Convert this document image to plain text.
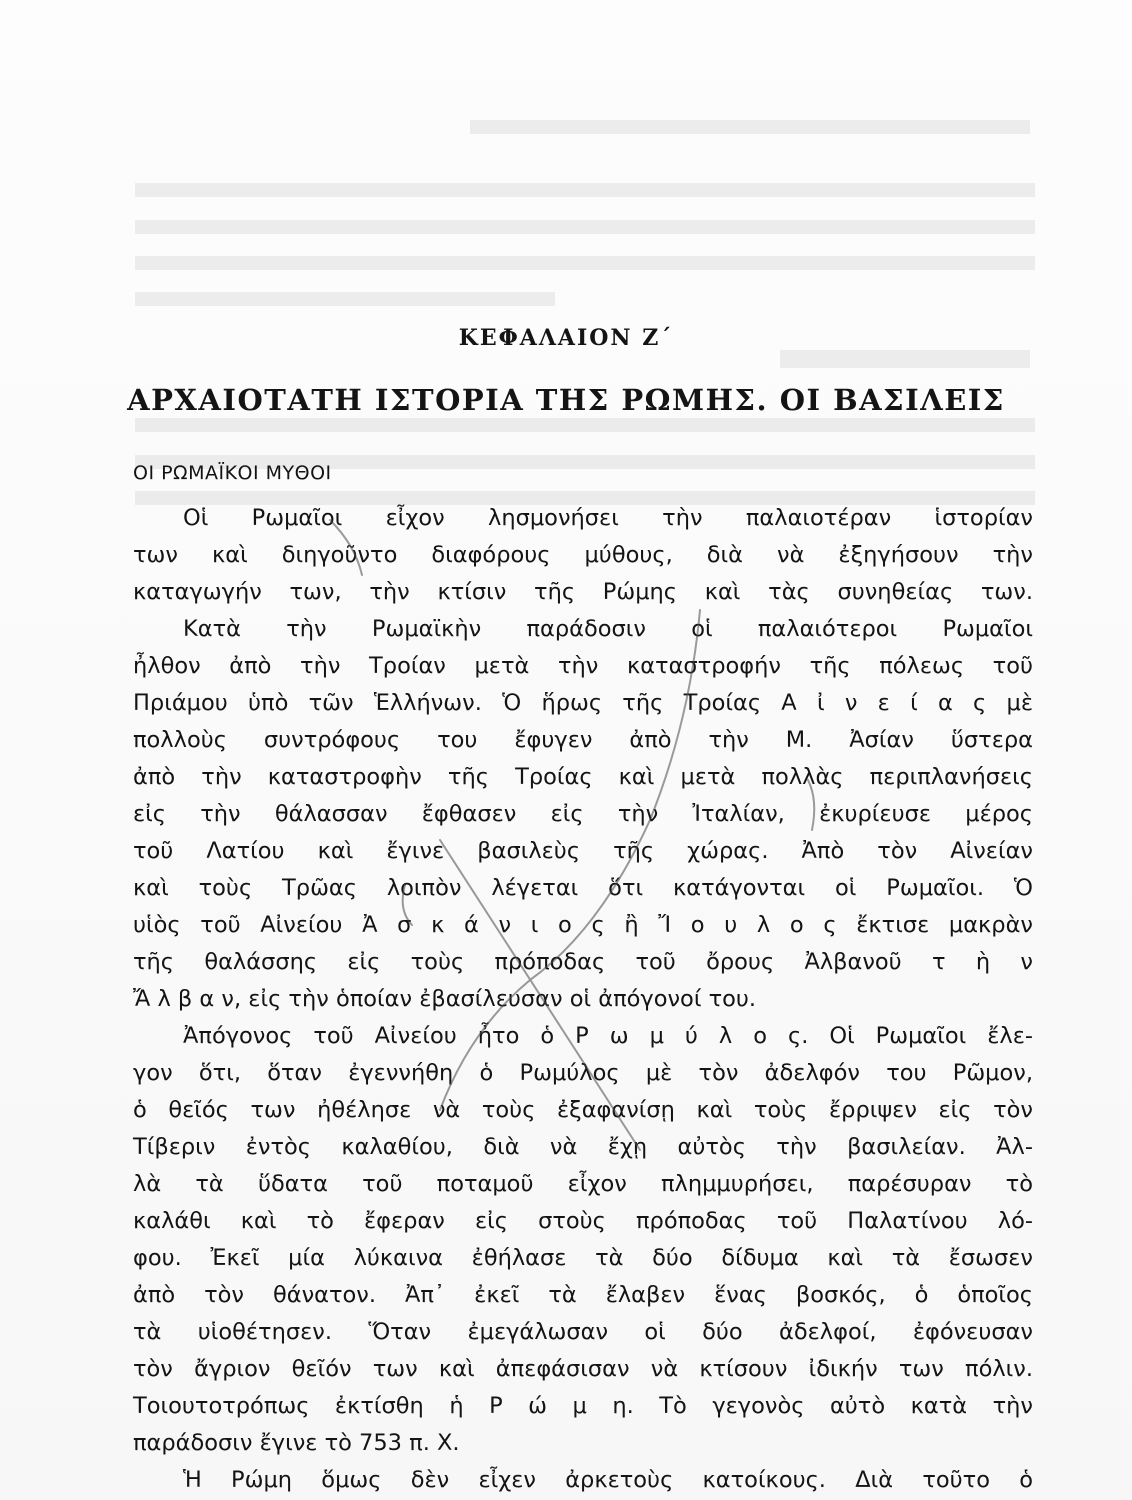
ΚΕΦΑΛΑΙΟΝ Ζ΄
ΑΡΧΑΙΟΤΑΤΗ ΙΣΤΟΡΙΑ ΤΗΣ ΡΩΜΗΣ. ΟΙ ΒΑΣΙΛΕΙΣ
ΟΙ ΡΩΜΑΪΚΟΙ ΜΥΘΟΙ
Οἱ Ρωμαῖοι εἶχον λησμονήσει τὴν παλαιοτέραν ἱστορίαν
των καὶ διηγοῦντο διαφόρους μύθους, διὰ νὰ ἐξηγήσουν τὴν
καταγωγήν των, τὴν κτίσιν τῆς Ρώμης καὶ τὰς συνηθείας των.
Κατὰ τὴν Ρωμαϊκὴν παράδοσιν οἱ παλαιότεροι Ρωμαῖοι
ἦλθον ἀπὸ τὴν Τροίαν μετὰ τὴν καταστροφήν τῆς πόλεως τοῦ
Πριάμου ὑπὸ τῶν Ἑλλήνων. Ὁ ἥρως τῆς Τροίας Α ἰ ν ε ί α ς μὲ
πολλοὺς συντρόφους του ἔφυγεν ἀπὸ τὴν Μ. Ἀσίαν ὕστερα
ἀπὸ τὴν καταστροφὴν τῆς Τροίας καὶ μετὰ πολλὰς περιπλανήσεις
εἰς τὴν θάλασσαν ἔφθασεν εἰς τὴν Ἰταλίαν, ἐκυρίευσε μέρος
τοῦ Λατίου καὶ ἔγινε βασιλεὺς τῆς χώρας. Ἀπὸ τὸν Αἰνείαν
καὶ τοὺς Τρῶας λοιπὸν λέγεται ὅτι κατάγονται οἱ Ρωμαῖοι. Ὁ
υἱὸς τοῦ Αἰνείου Ἀ σ κ ά ν ι ο ς ἢ Ἴ ο υ λ ο ς ἔκτισε μακρὰν
τῆς θαλάσσης εἰς τοὺς πρόποδας τοῦ ὄρους Ἀλβανοῦ τ ὴ ν
Ἄ λ β α ν, εἰς τὴν ὁποίαν ἐβασίλευσαν οἱ ἀπόγονοί του.
Ἀπόγονος τοῦ Αἰνείου ἦτο ὁ Ρ ω μ ύ λ ο ς. Οἱ Ρωμαῖοι ἔλε-
γον ὅτι, ὅταν ἐγεννήθη ὁ Ρωμύλος μὲ τὸν ἀδελφόν του Ρῶμον,
ὁ θεῖός των ἠθέλησε νὰ τοὺς ἐξαφανίσῃ καὶ τοὺς ἔρριψεν εἰς τὸν
Τίβεριν ἐντὸς καλαθίου, διὰ νὰ ἔχῃ αὐτὸς τὴν βασιλείαν. Ἀλ-
λὰ τὰ ὕδατα τοῦ ποταμοῦ εἶχον πλημμυρήσει, παρέσυραν τὸ
καλάθι καὶ τὸ ἔφεραν εἰς στοὺς πρόποδας τοῦ Παλατίνου λό-
φου. Ἐκεῖ μία λύκαινα ἐθήλασε τὰ δύο δίδυμα καὶ τὰ ἔσωσεν
ἀπὸ τὸν θάνατον. Ἀπ᾿ ἐκεῖ τὰ ἔλαβεν ἕνας βοσκός, ὁ ὁποῖος
τὰ υἱοθέτησεν. Ὅταν ἐμεγάλωσαν οἱ δύο ἀδελφοί, ἐφόνευσαν
τὸν ἄγριον θεῖόν των καὶ ἀπεφάσισαν νὰ κτίσουν ἰδικήν των πόλιν.
Τοιουτοτρόπως ἐκτίσθη ἡ Ρ ώ μ η. Τὸ γεγονὸς αὐτὸ κατὰ τὴν
παράδοσιν ἔγινε τὸ 753 π. Χ.
Ἡ Ρώμη ὅμως δὲν εἶχεν ἀρκετοὺς κατοίκους. Διὰ τοῦτο ὁ
